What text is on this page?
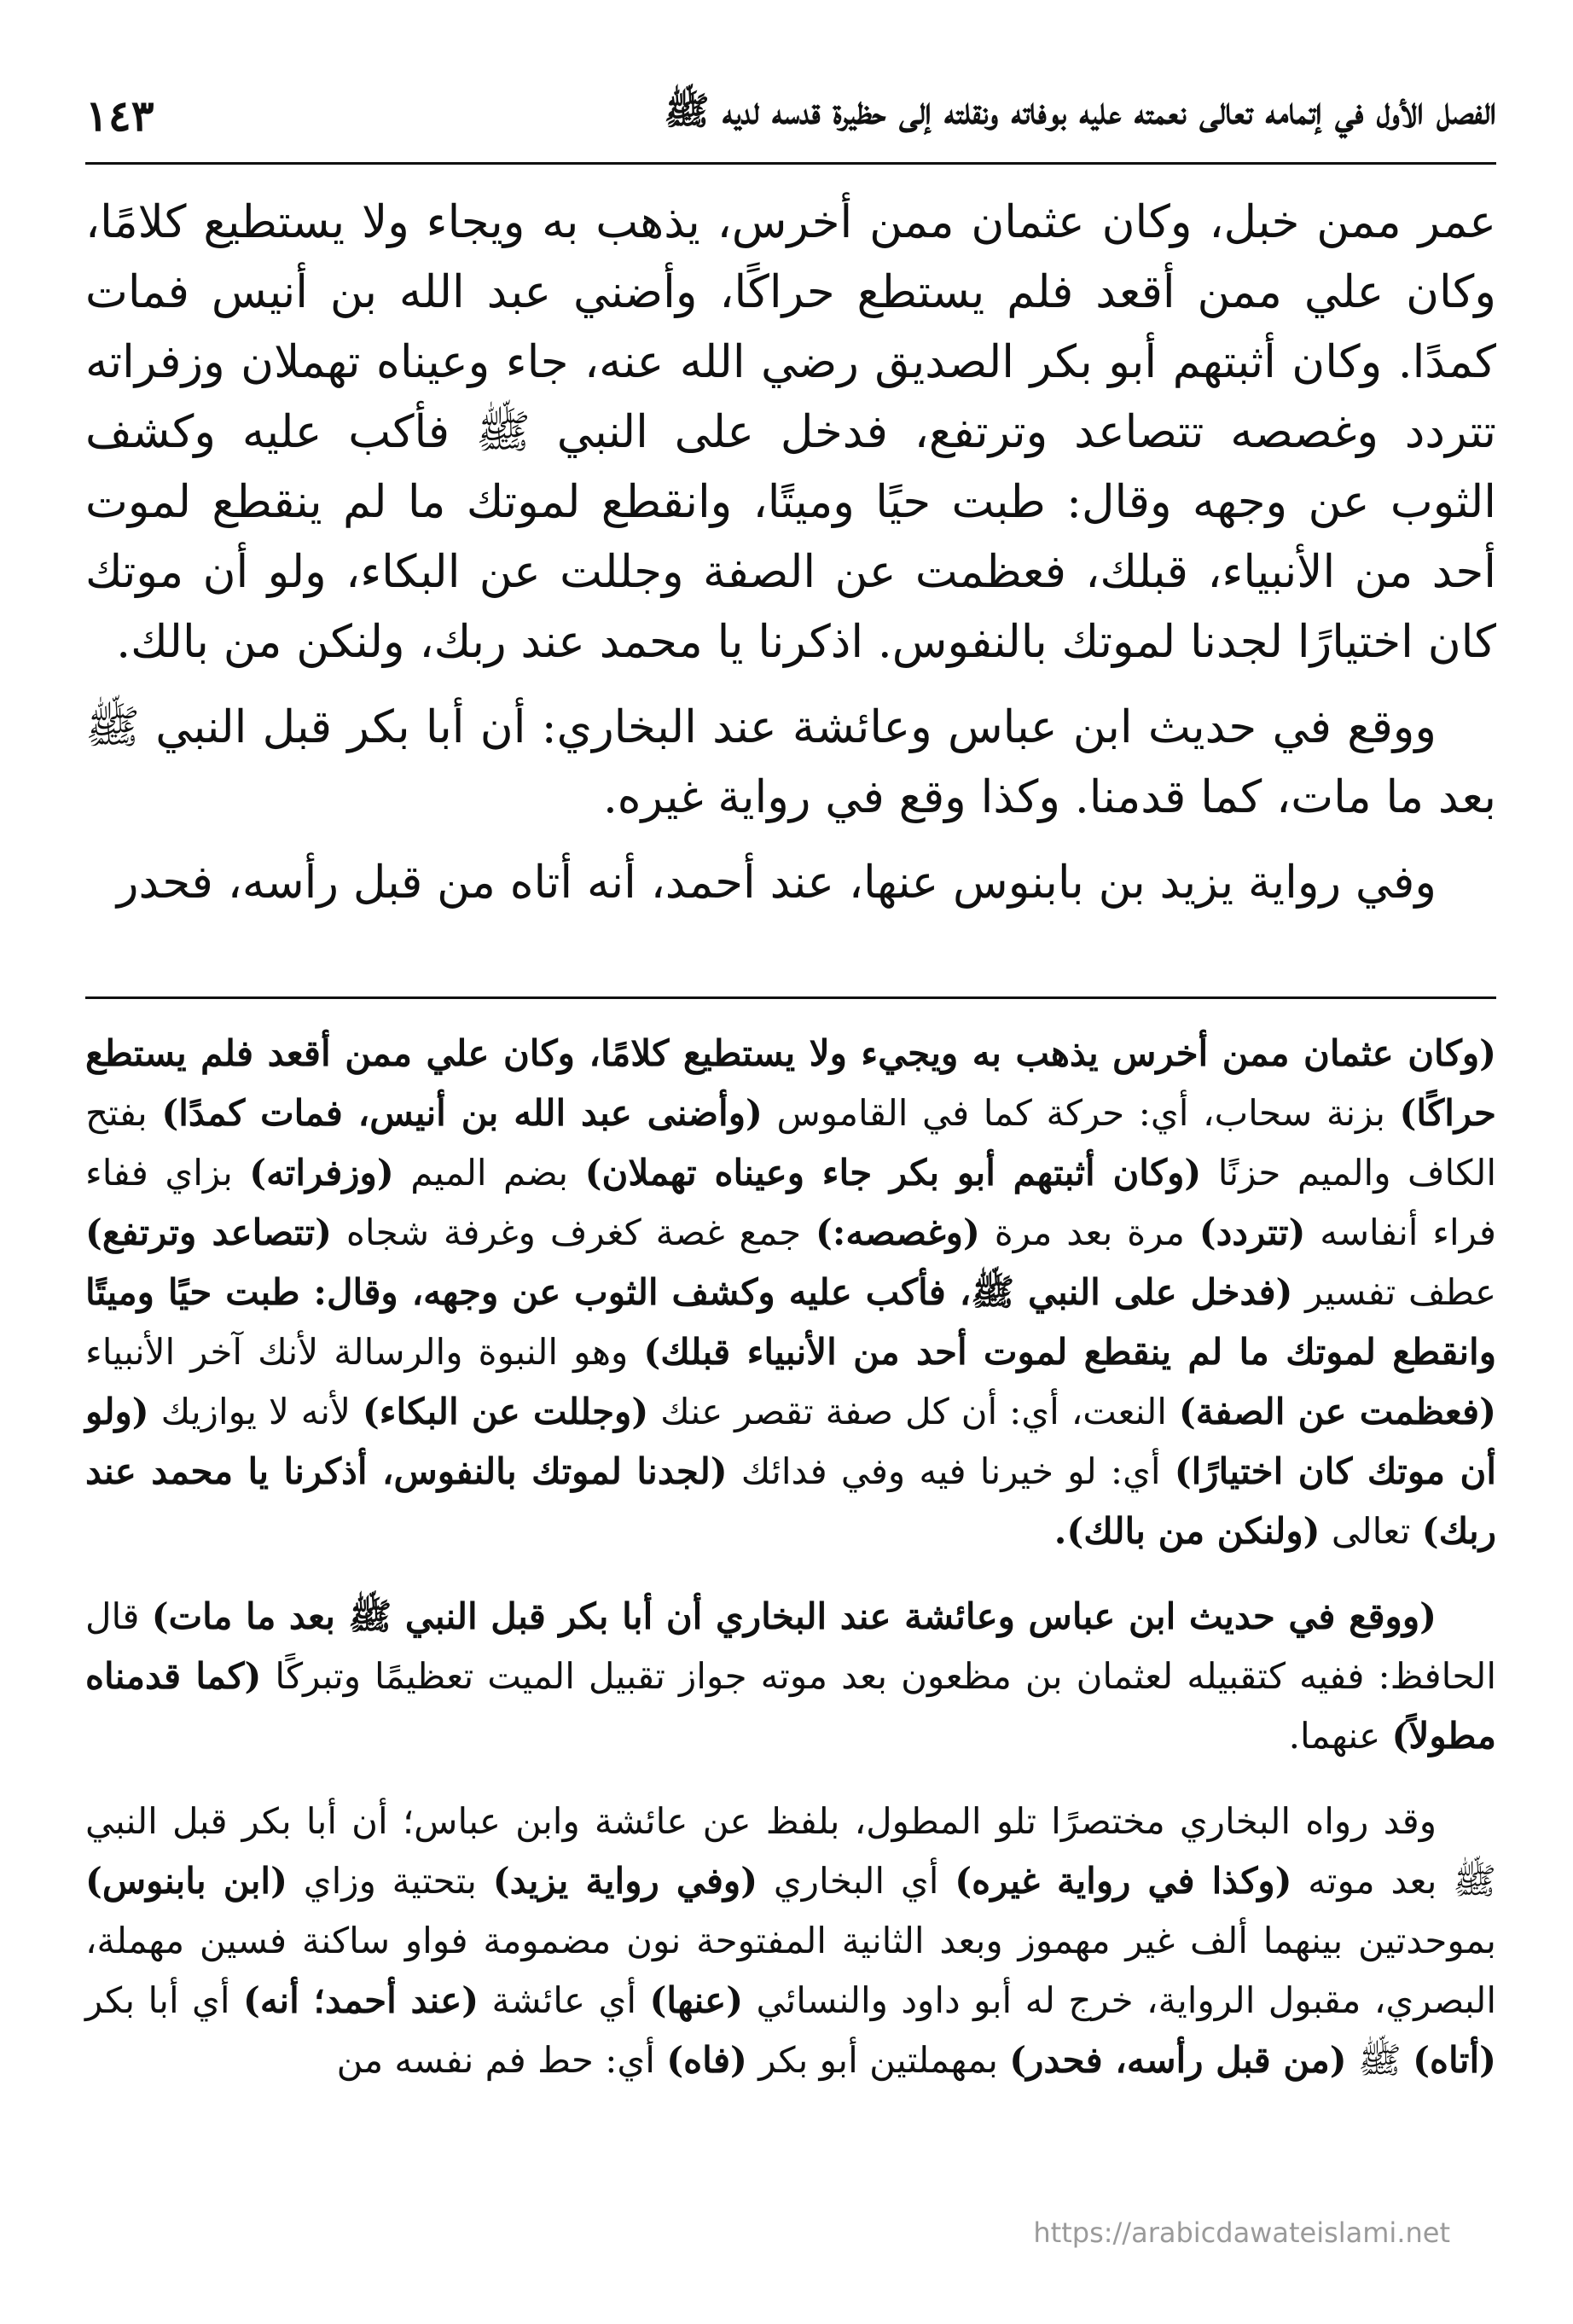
الفصل الأول في إتمامه تعالى نعمته عليه بوفاته ونقلته إلى حظيرة قدسه لديه ﷺ
١٤٣

عمر ممن خبل، وكان عثمان ممن أخرس، يذهب به ويجاء ولا يستطيع كلامًا، وكان علي ممن أقعد فلم يستطع حراكًا، وأضني عبد الله بن أنيس فمات كمدًا. وكان أثبتهم أبو بكر الصديق رضي الله عنه، جاء وعيناه تهملان وزفراته تتردد وغصصه تتصاعد وترتفع، فدخل على النبي ﷺ فأكب عليه وكشف الثوب عن وجهه وقال: طبت حيًا وميتًا، وانقطع لموتك ما لم ينقطع لموت أحد من الأنبياء، قبلك، فعظمت عن الصفة وجللت عن البكاء، ولو أن موتك كان اختيارًا لجدنا لموتك بالنفوس. اذكرنا يا محمد عند ربك، ولنكن من بالك.

ووقع في حديث ابن عباس وعائشة عند البخاري: أن أبا بكر قبل النبي ﷺ بعد ما مات، كما قدمنا. وكذا وقع في رواية غيره.

وفي رواية يزيد بن بابنوس عنها، عند أحمد، أنه أتاه من قبل رأسه، فحدر

(وكان عثمان ممن أخرس يذهب به ويجيء ولا يستطيع كلامًا، وكان علي ممن أقعد فلم يستطع حراكًا) بزنة سحاب، أي: حركة كما في القاموس (وأضنى عبد الله بن أنيس، فمات كمدًا) بفتح الكاف والميم حزنًا (وكان أثبتهم أبو بكر جاء وعيناه تهملان) بضم الميم (وزفراته) بزاي ففاء فراء أنفاسه (تتردد) مرة بعد مرة (وغصصه:) جمع غصة كغرف وغرفة شجاه (تتصاعد وترتفع) عطف تفسير (فدخل على النبي ﷺ، فأكب عليه وكشف الثوب عن وجهه، وقال: طبت حيًا وميتًا وانقطع لموتك ما لم ينقطع لموت أحد من الأنبياء قبلك) وهو النبوة والرسالة لأنك آخر الأنبياء (فعظمت عن الصفة) النعت، أي: أن كل صفة تقصر عنك (وجللت عن البكاء) لأنه لا يوازيك (ولو أن موتك كان اختيارًا) أي: لو خيرنا فيه وفي فدائك (لجدنا لموتك بالنفوس، أذكرنا يا محمد عند ربك) تعالى (ولنكن من بالك).

(ووقع في حديث ابن عباس وعائشة عند البخاري أن أبا بكر قبل النبي ﷺ بعد ما مات) قال الحافظ: ففيه كتقبيله لعثمان بن مظعون بعد موته جواز تقبيل الميت تعظيمًا وتبركًا (كما قدمناه مطولاً) عنهما.

وقد رواه البخاري مختصرًا تلو المطول، بلفظ عن عائشة وابن عباس؛ أن أبا بكر قبل النبي ﷺ بعد موته (وكذا في رواية غيره) أي البخاري (وفي رواية يزيد) بتحتية وزاي (ابن بابنوس) بموحدتين بينهما ألف غير مهموز وبعد الثانية المفتوحة نون مضمومة فواو ساكنة فسين مهملة، البصري، مقبول الرواية، خرج له أبو داود والنسائي (عنها) أي عائشة (عند أحمد؛ أنه) أي أبا بكر (أتاه) ﷺ (من قبل رأسه، فحدر) بمهملتين أبو بكر (فاه) أي: حط فم نفسه من

https://arabicdawateislami.net
